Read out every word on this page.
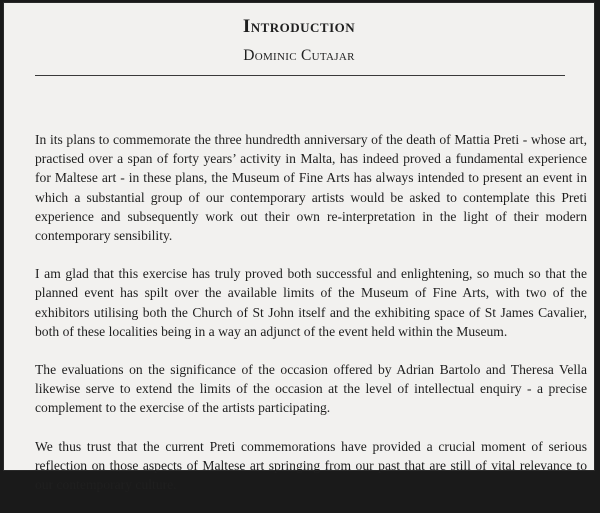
Introduction
Dominic Cutajar

In its plans to commemorate the three hundredth anniversary of the death of Mattia Preti - whose art, practised over a span of forty years’ activity in Malta, has indeed proved a fundamental experience for Maltese art - in these plans, the Museum of Fine Arts has always intended to present an event in which a substantial group of our contemporary artists would be asked to contemplate this Preti experience and subsequently work out their own re-interpretation in the light of their modern contemporary sensibility.

I am glad that this exercise has truly proved both successful and enlightening, so much so that the planned event has spilt over the available limits of the Museum of Fine Arts, with two of the exhibitors utilising both the Church of St John itself and the exhibiting space of St James Cavalier, both of these localities being in a way an adjunct of the event held within the Museum.

The evaluations on the significance of the occasion offered by Adrian Bartolo and Theresa Vella likewise serve to extend the limits of the occasion at the level of intellectual enquiry - a precise complement to the exercise of the artists participating.

We thus trust that the current Preti commemorations have provided a crucial moment of serious reflection on those aspects of Maltese art springing from our past that are still of vital relevance to our contemporary culture.
